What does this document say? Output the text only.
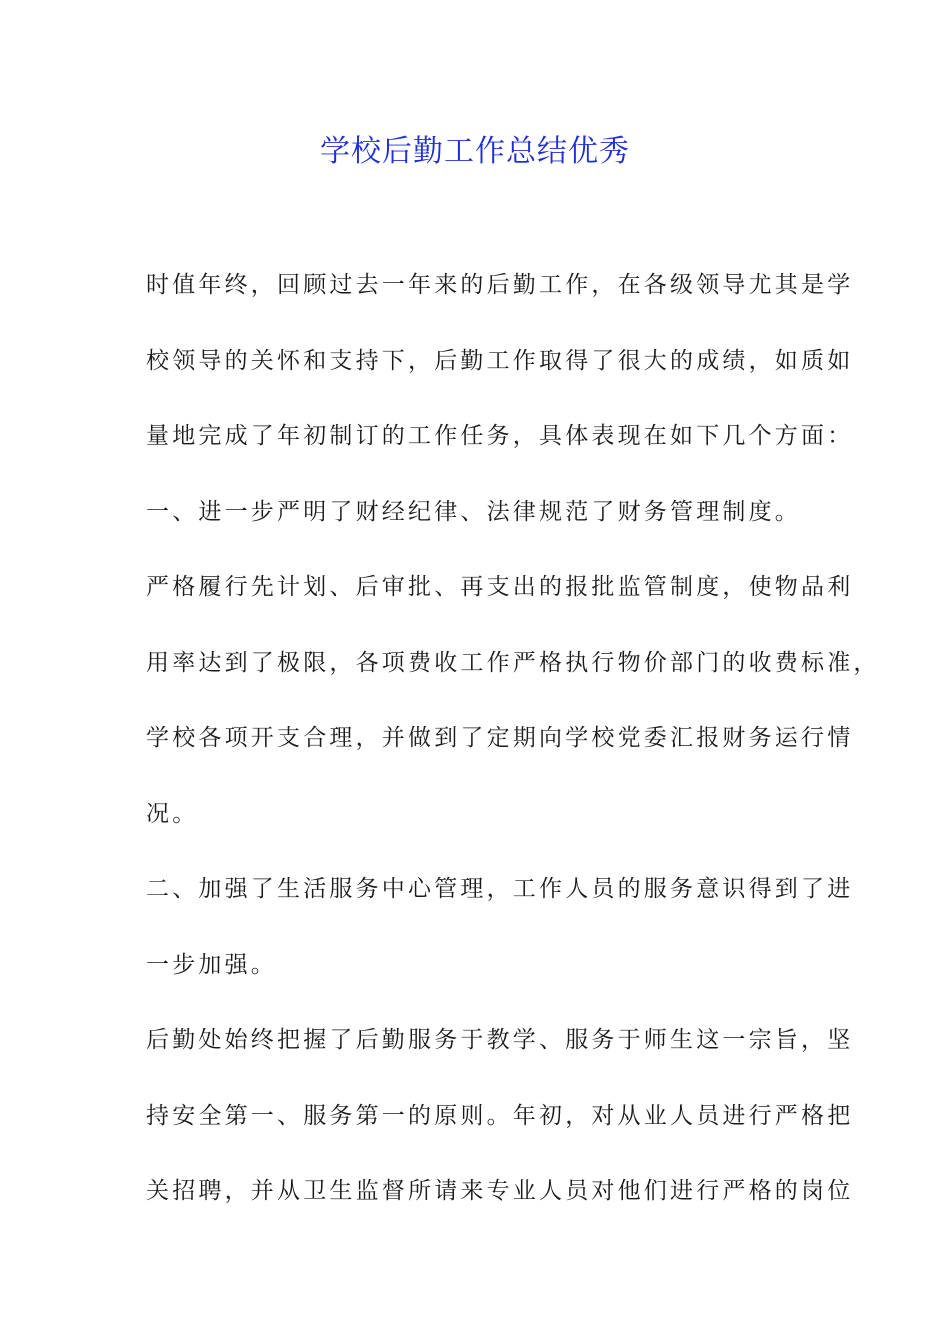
学校后勤工作总结优秀
时值年终，回顾过去一年来的后勤工作，在各级领导尤其是学
校领导的关怀和支持下，后勤工作取得了很大的成绩，如质如
量地完成了年初制订的工作任务，具体表现在如下几个方面：
一、进一步严明了财经纪律、法律规范了财务管理制度。
严格履行先计划、后审批、再支出的报批监管制度，使物品利
用率达到了极限，各项费收工作严格执行物价部门的收费标准，
学校各项开支合理，并做到了定期向学校党委汇报财务运行情
况。
二、加强了生活服务中心管理，工作人员的服务意识得到了进
一步加强。
后勤处始终把握了后勤服务于教学、服务于师生这一宗旨，坚
持安全第一、服务第一的原则。年初，对从业人员进行严格把
关招聘，并从卫生监督所请来专业人员对他们进行严格的岗位
